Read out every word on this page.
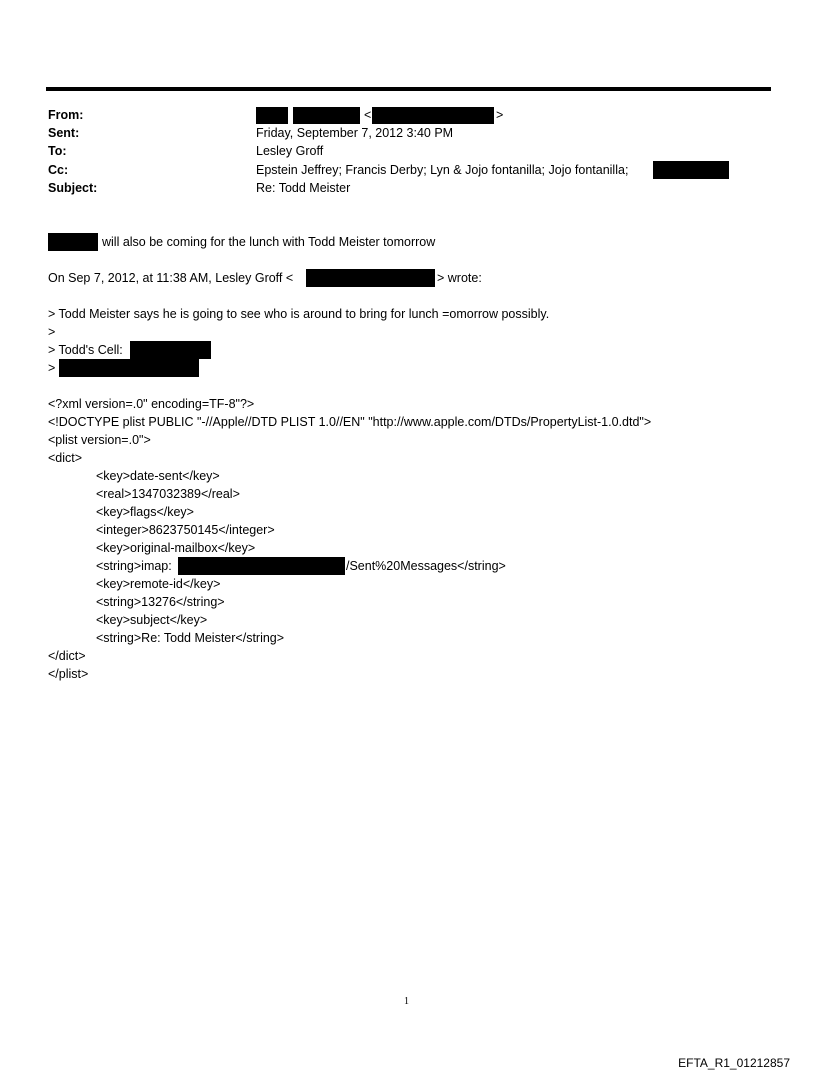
From:	<	>
Sent:	Friday, September 7, 2012 3:40 PM
To:	Lesley Groff
Cc:	Epstein Jeffrey; Francis Derby; Lyn & Jojo fontanilla; Jojo fontanilla;
Subject:	Re: Todd Meister
will also be coming for the lunch with Todd Meister tomorrow
On Sep 7, 2012, at 11:38 AM, Lesley Groff <	> wrote:
> Todd Meister says he is going to see who is around to bring for lunch =omorrow possibly.
>
> Todd's Cell:
>
<?xml version=.0" encoding=TF-8"?>
<!DOCTYPE plist PUBLIC "-//Apple//DTD PLIST 1.0//EN" "http://www.apple.com/DTDs/PropertyList-1.0.dtd">
<plist version=.0">
<dict>
<key>date-sent</key>
<real>1347032389</real>
<key>flags</key>
<integer>8623750145</integer>
<key>original-mailbox</key>
<string>imap:	/Sent%20Messages</string>
<key>remote-id</key>
<string>13276</string>
<key>subject</key>
<string>Re: Todd Meister</string>
</dict>
</plist>
1
EFTA_R1_01212857
